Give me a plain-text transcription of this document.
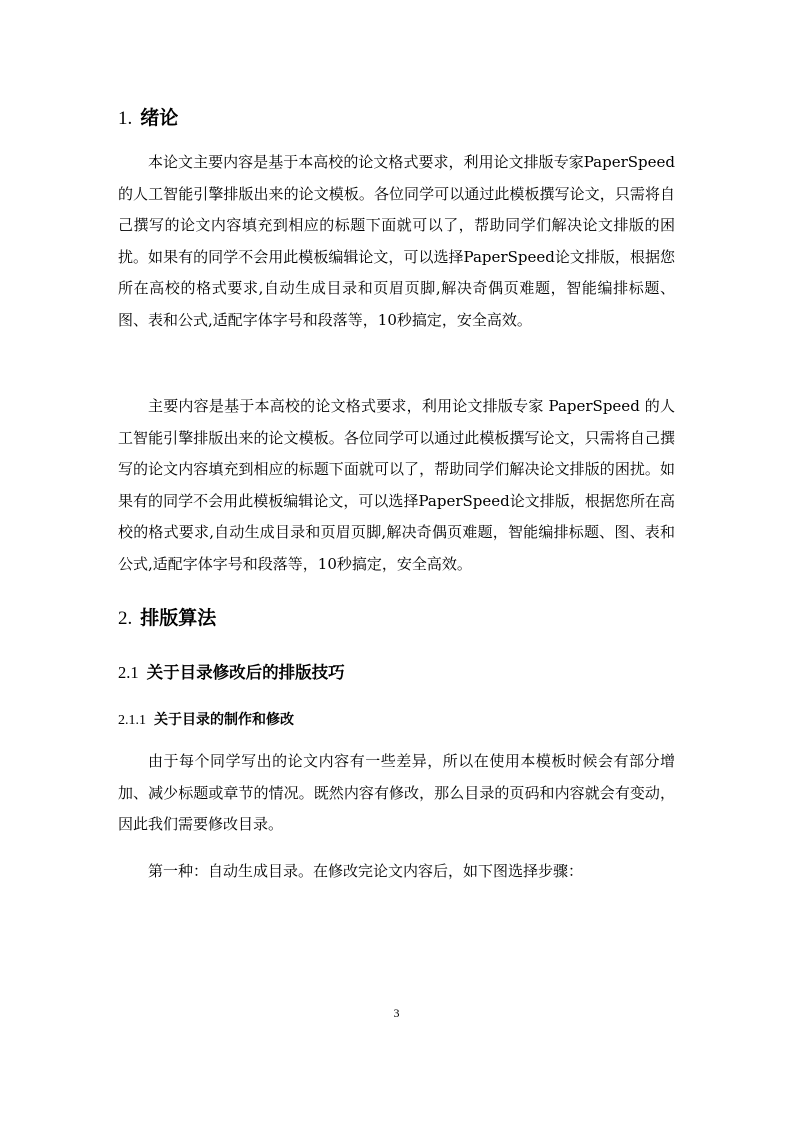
1. 绪论

本论文主要内容是基于本高校的论文格式要求，利用论文排版专家PaperSpeed的人工智能引擎排版出来的论文模板。各位同学可以通过此模板撰写论文，只需将自己撰写的论文内容填充到相应的标题下面就可以了，帮助同学们解决论文排版的困扰。如果有的同学不会用此模板编辑论文，可以选择PaperSpeed论文排版，根据您所在高校的格式要求,自动生成目录和页眉页脚,解决奇偶页难题，智能编排标题、图、表和公式,适配字体字号和段落等，10秒搞定，安全高效。

主要内容是基于本高校的论文格式要求，利用论文排版专家 PaperSpeed 的人工智能引擎排版出来的论文模板。各位同学可以通过此模板撰写论文，只需将自己撰写的论文内容填充到相应的标题下面就可以了，帮助同学们解决论文排版的困扰。如果有的同学不会用此模板编辑论文，可以选择PaperSpeed论文排版，根据您所在高校的格式要求,自动生成目录和页眉页脚,解决奇偶页难题，智能编排标题、图、表和公式,适配字体字号和段落等，10秒搞定，安全高效。

2. 排版算法
2.1 关于目录修改后的排版技巧
2.1.1 关于目录的制作和修改

由于每个同学写出的论文内容有一些差异，所以在使用本模板时候会有部分增加、减少标题或章节的情况。既然内容有修改，那么目录的页码和内容就会有变动，因此我们需要修改目录。

第一种：自动生成目录。在修改完论文内容后，如下图选择步骤：

3
